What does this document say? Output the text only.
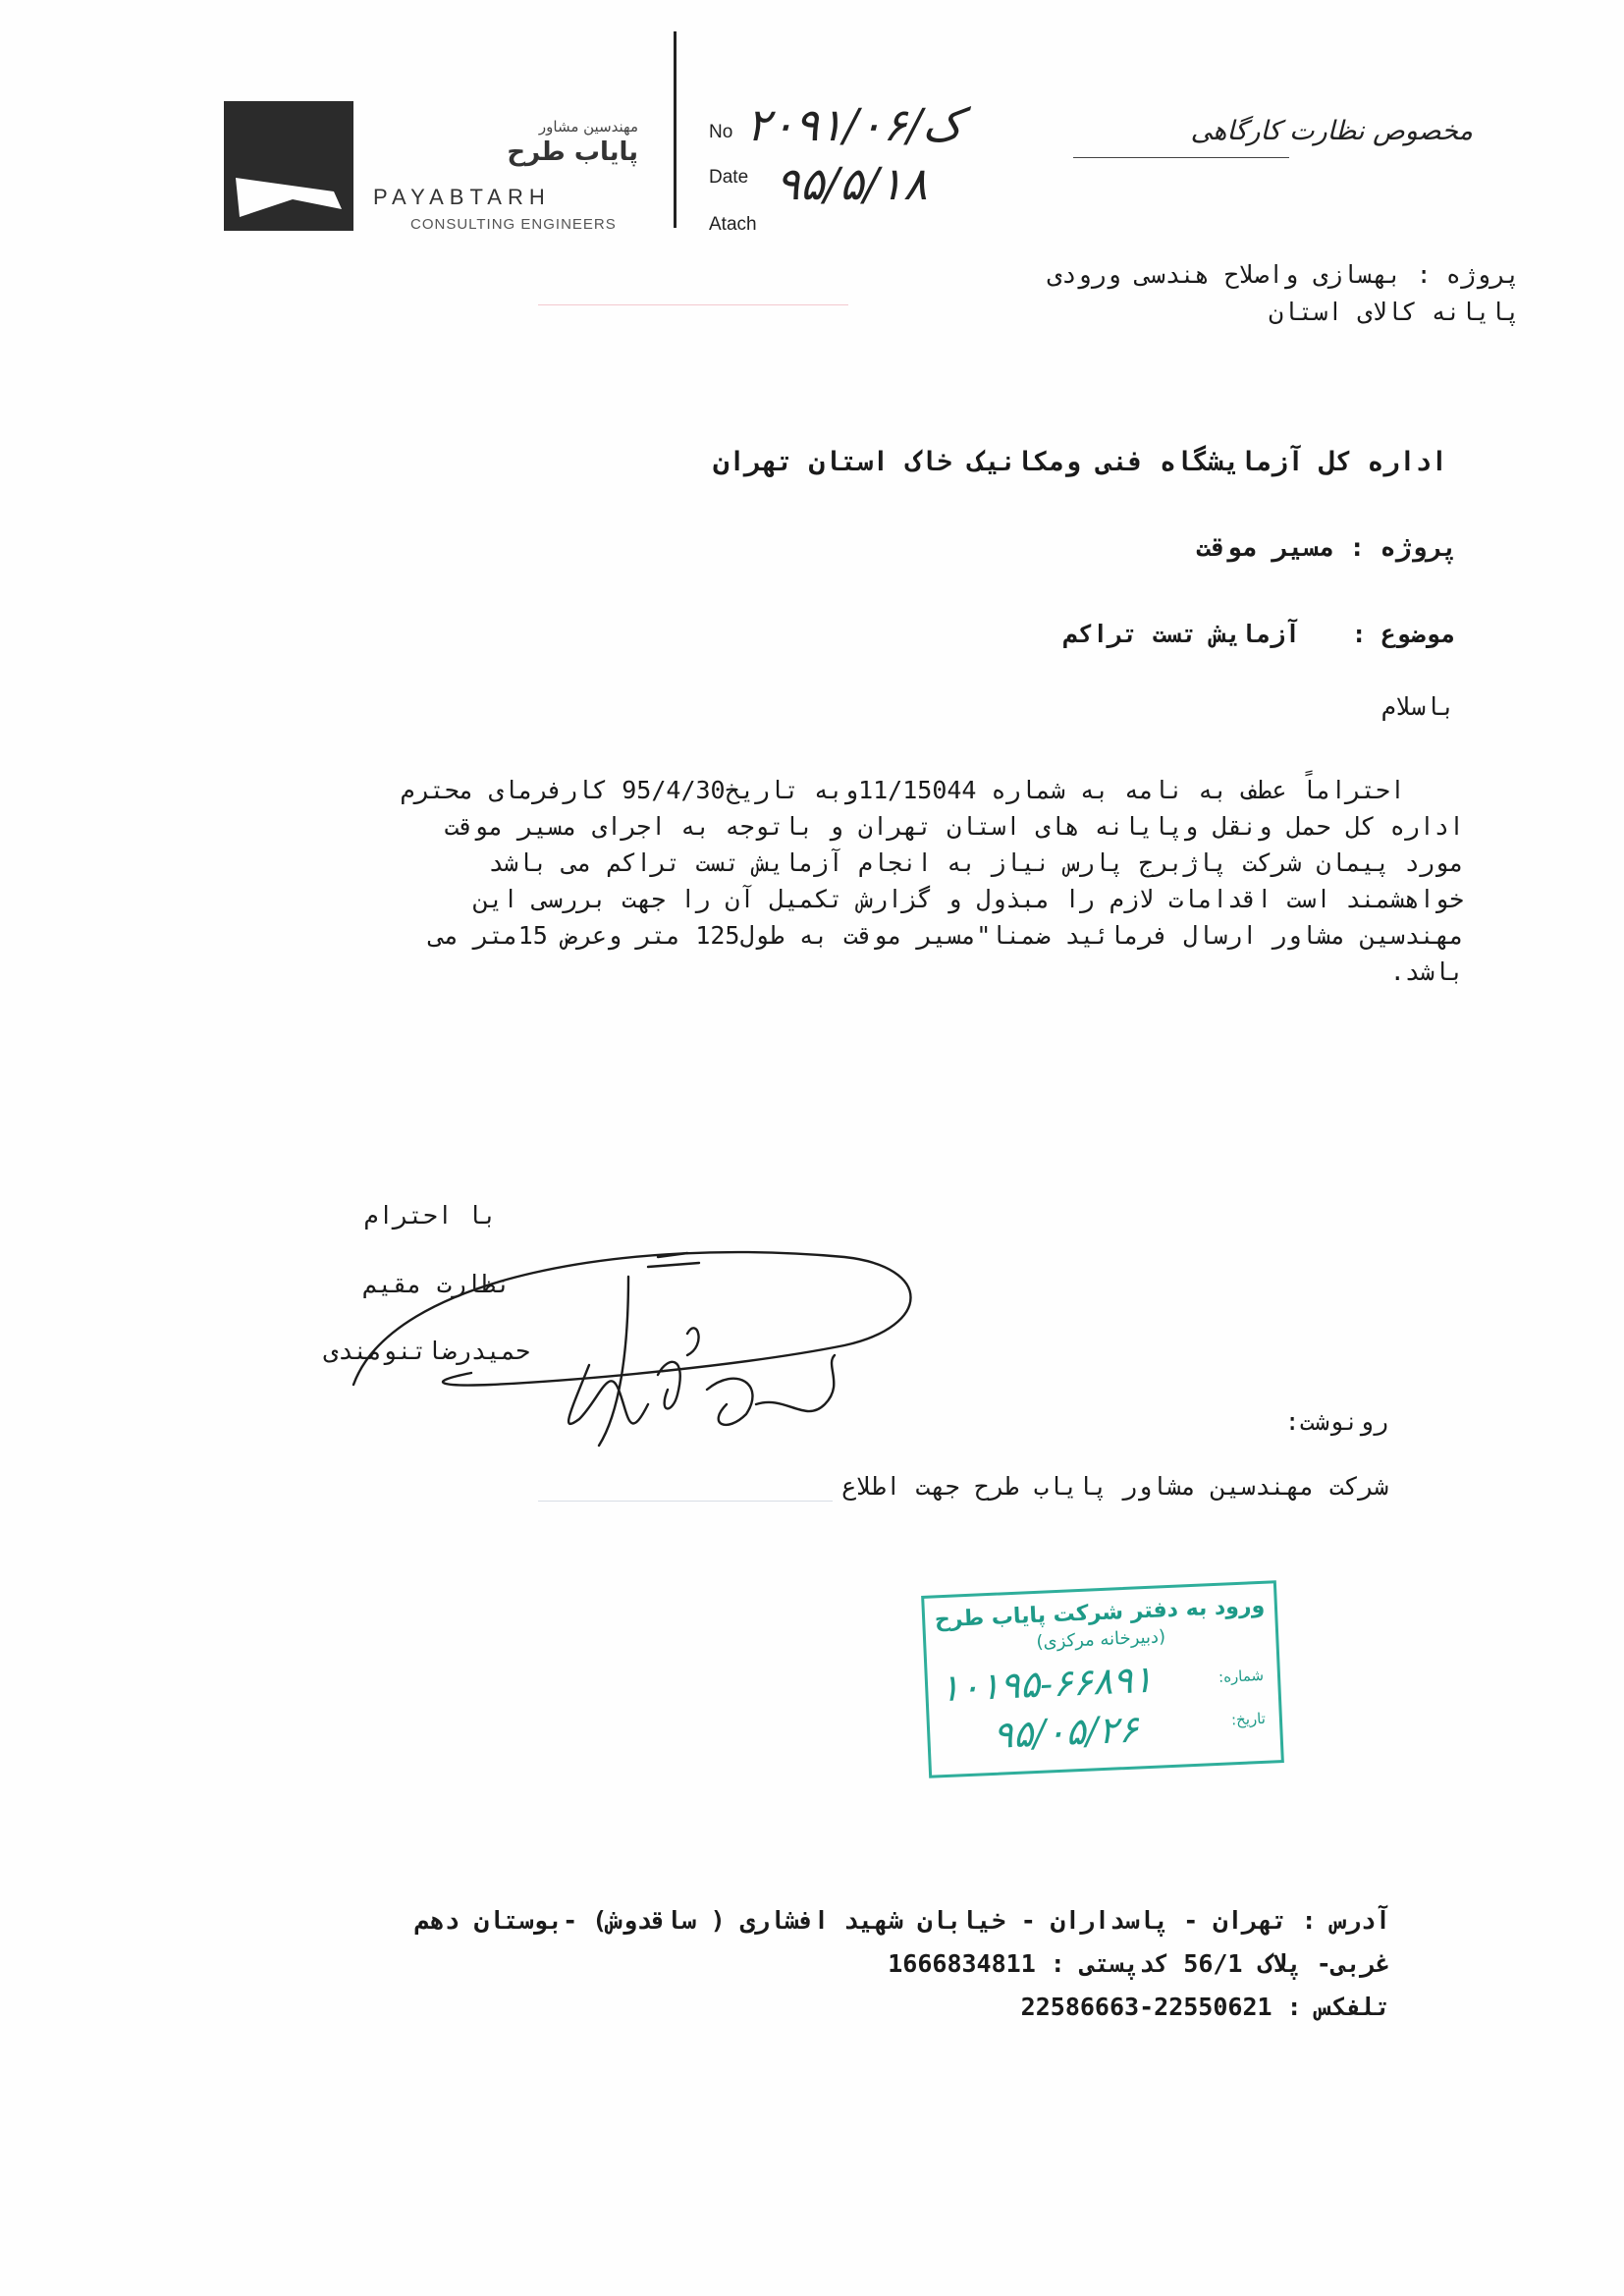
مهندسین مشاور
پایاب طرح
PAYABTARH
CONSULTING ENGINEERS
No ۲۰۹۱/ک/۰۶
Date ۹۵/۵/۱۸
Atach
مخصوص نظارت کارگاهی
پروژه : بهسازی واصلاح هندسی ورودی
پایانه کالای استان
اداره کل آزمایشگاه فنی ومکانیک خاک استان تهران
پروژه : مسیر موقت
موضوع :
آزمایش تست تراکم
باسلام
احتراماً عطف به نامه به شماره 11/15044وبه تاریخ95/4/30 کارفرمای محترم
اداره کل حمل ونقل وپایانه های استان تهران و باتوجه به اجرای مسیر موقت
مورد پیمان شرکت پاژبرج پارس نیاز به انجام آزمایش تست تراکم می باشد
خواهشمند است اقدامات لازم را مبذول و گزارش تکمیل آن را جهت بررسی این
مهندسین مشاور ارسال فرمائید ضمنا"مسیر موقت به طول125 متر وعرض 15متر می
باشد.
با احترام
نظارت مقیم
حمیدرضاتنومندی
رونوشت:
شرکت مهندسین مشاور پایاب طرح جهت اطلاع
ورود به دفتر شرکت پایاب طرح
(دبیرخانه مرکزی)
شماره:
۱۰۱۹۵-۶۶۸۹۱
تاریخ:
۹۵/۰۵/۲۶
آدرس : تهران - پاسداران - خیابان شهید افشاری ( ساقدوش) -بوستان دهم
غربی- پلاک 56/1 کدپستی : 1666834811
تلفکس : 22550621-22586663
